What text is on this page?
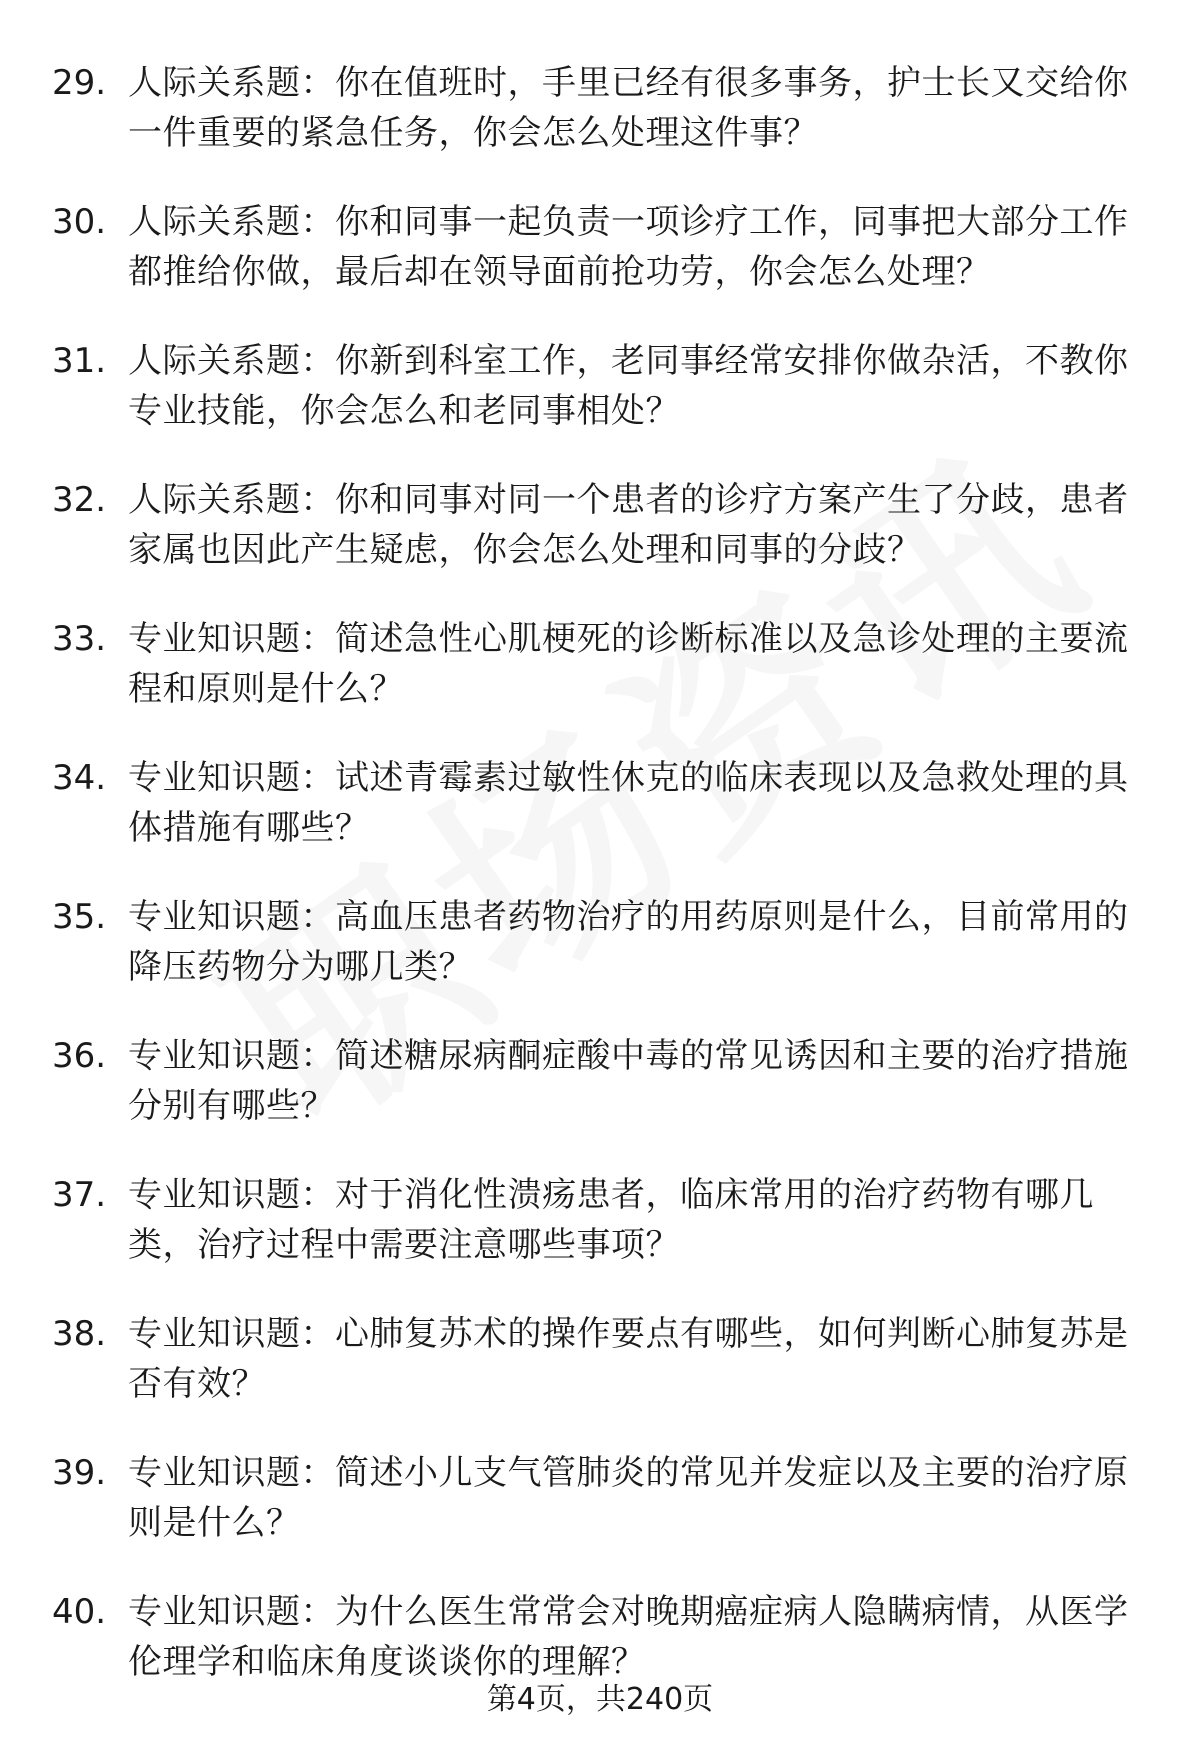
29. 人际关系题：你在值班时，手里已经有很多事务，护士长又交给你一件重要的紧急任务，你会怎么处理这件事？
30. 人际关系题：你和同事一起负责一项诊疗工作，同事把大部分工作都推给你做，最后却在领导面前抢功劳，你会怎么处理？
31. 人际关系题：你新到科室工作，老同事经常安排你做杂活，不教你专业技能，你会怎么和老同事相处？
32. 人际关系题：你和同事对同一个患者的诊疗方案产生了分歧，患者家属也因此产生疑虑，你会怎么处理和同事的分歧？
33. 专业知识题：简述急性心肌梗死的诊断标准以及急诊处理的主要流程和原则是什么？
34. 专业知识题：试述青霉素过敏性休克的临床表现以及急救处理的具体措施有哪些？
35. 专业知识题：高血压患者药物治疗的用药原则是什么，目前常用的降压药物分为哪几类？
36. 专业知识题：简述糖尿病酮症酸中毒的常见诱因和主要的治疗措施分别有哪些？
37. 专业知识题：对于消化性溃疡患者，临床常用的治疗药物有哪几类，治疗过程中需要注意哪些事项？
38. 专业知识题：心肺复苏术的操作要点有哪些，如何判断心肺复苏是否有效？
39. 专业知识题：简述小儿支气管肺炎的常见并发症以及主要的治疗原则是什么？
40. 专业知识题：为什么医生常常会对晚期癌症病人隐瞒病情，从医学伦理学和临床角度谈谈你的理解？
第4页，共240页
